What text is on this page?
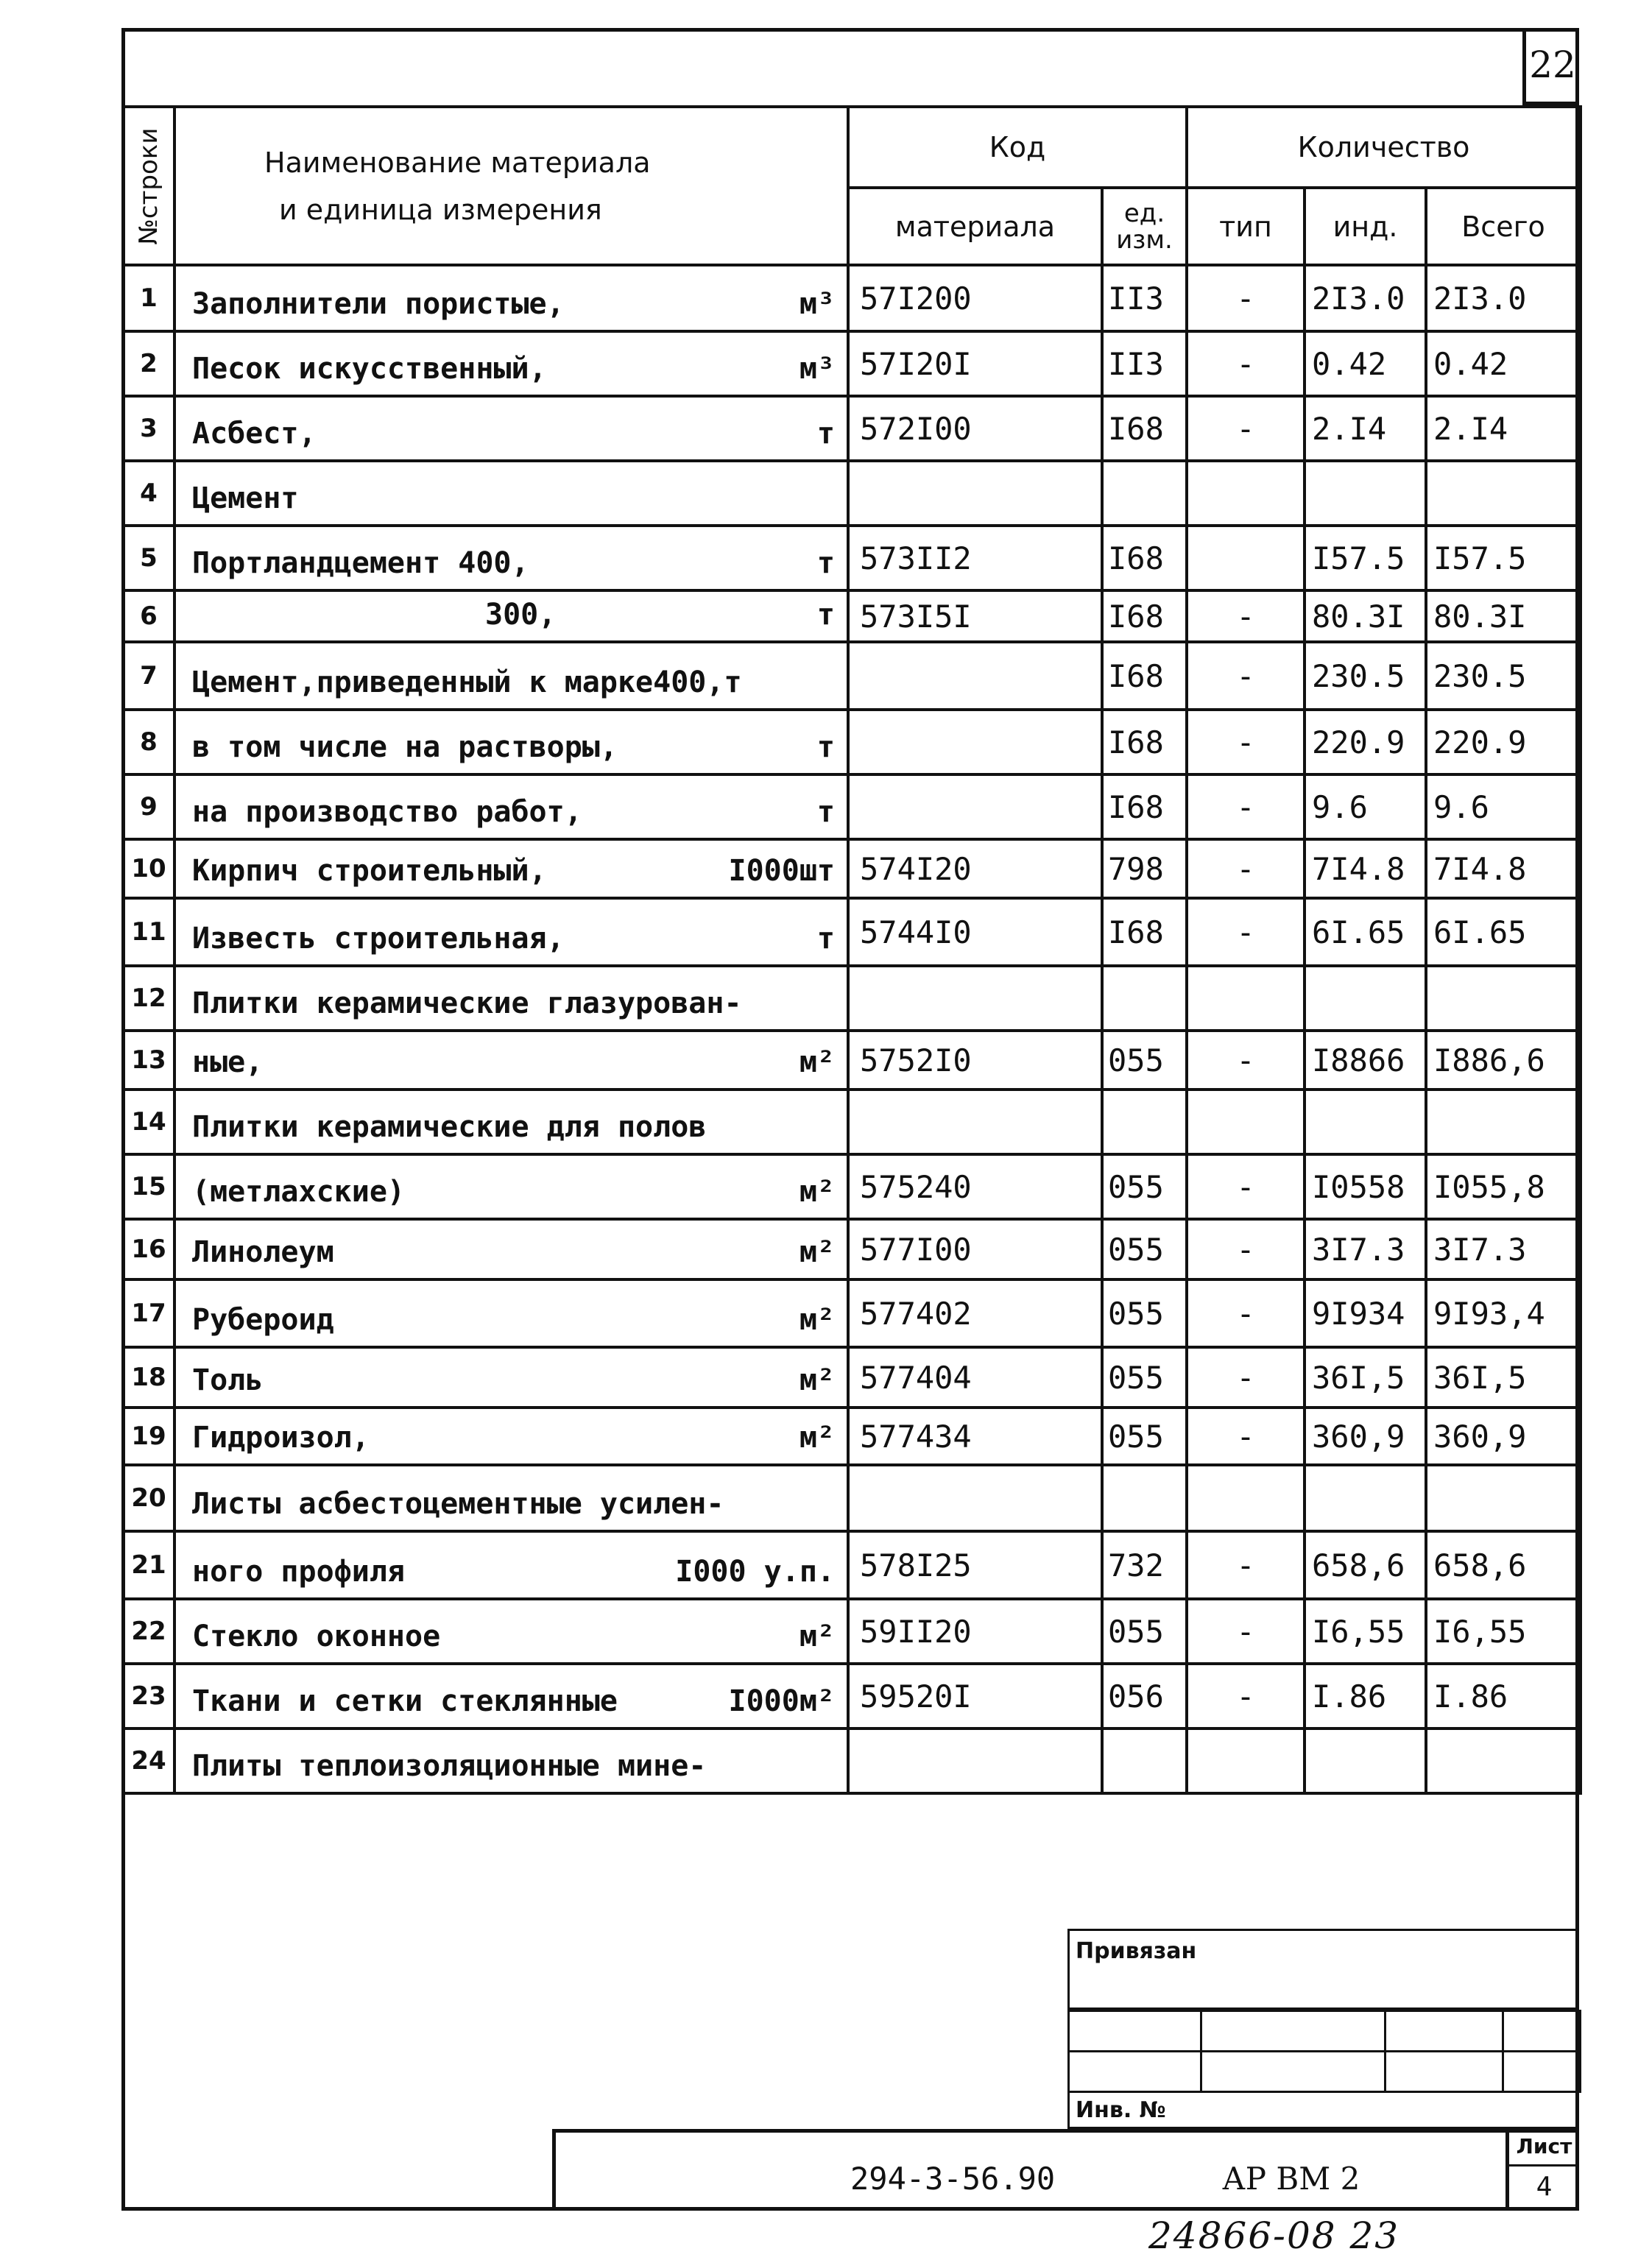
22
№строки	Наименование материала
и единица измерения	Код		Количество		
		материала	ед. изм.	тип	инд.	Всего
1	Заполнители пористые, м³	57I200	II3	-	2I3.0	2I3.0
2	Песок искусственный, м³	57I20I	II3	-	0.42	0.42
3	Асбест, т	572I00	I68	-	2.I4	2.I4
4	Цемент					

5	Портландцемент 400, т	573II2	I68		I57.5	I57.5
6	300, т	573I5I	I68	-	80.3I	80.3I
7	Цемент,приведенный к марке400,т		I68	-	230.5	230.5
8	в том числе на растворы, т		I68	-	220.9	220.9
9	на производство работ, т		I68	-	9.6	9.6
10	Кирпич строительный, I000шт	574I20	798	-	7I4.8	7I4.8
11	Известь строительная, т	5744I0	I68	-	6I.65	6I.65
12	Плитки керамические глазурован-					

13	ные, м²	5752I0	055	-	I8866	I886,6
14	Плитки керамические для полов					

15	(метлахские) м²	575240	055	-	I0558	I055,8
16	Линолеум м²	577I00	055	-	3I7.3	3I7.3
17	Рубероид м²	577402	055	-	9I934	9I93,4
18	Толь м²	577404	055	-	36I,5	36I,5
19	Гидроизол, м²	577434	055	-	360,9	360,9
20	Листы асбестоцементные усилен-					

21	ного профиля I000 у.п.	578I25	732	-	658,6	658,6
22	Стекло оконное м²	59II20	055	-	I6,55	I6,55
23	Ткани и сетки стеклянные I000м²	59520I	056	-	I.86	I.86
24	Плиты теплоизоляционные мине-					

Привязан

Инв. №
294-3-56.90	АР ВМ 2
Лист
4
24866-08 23
